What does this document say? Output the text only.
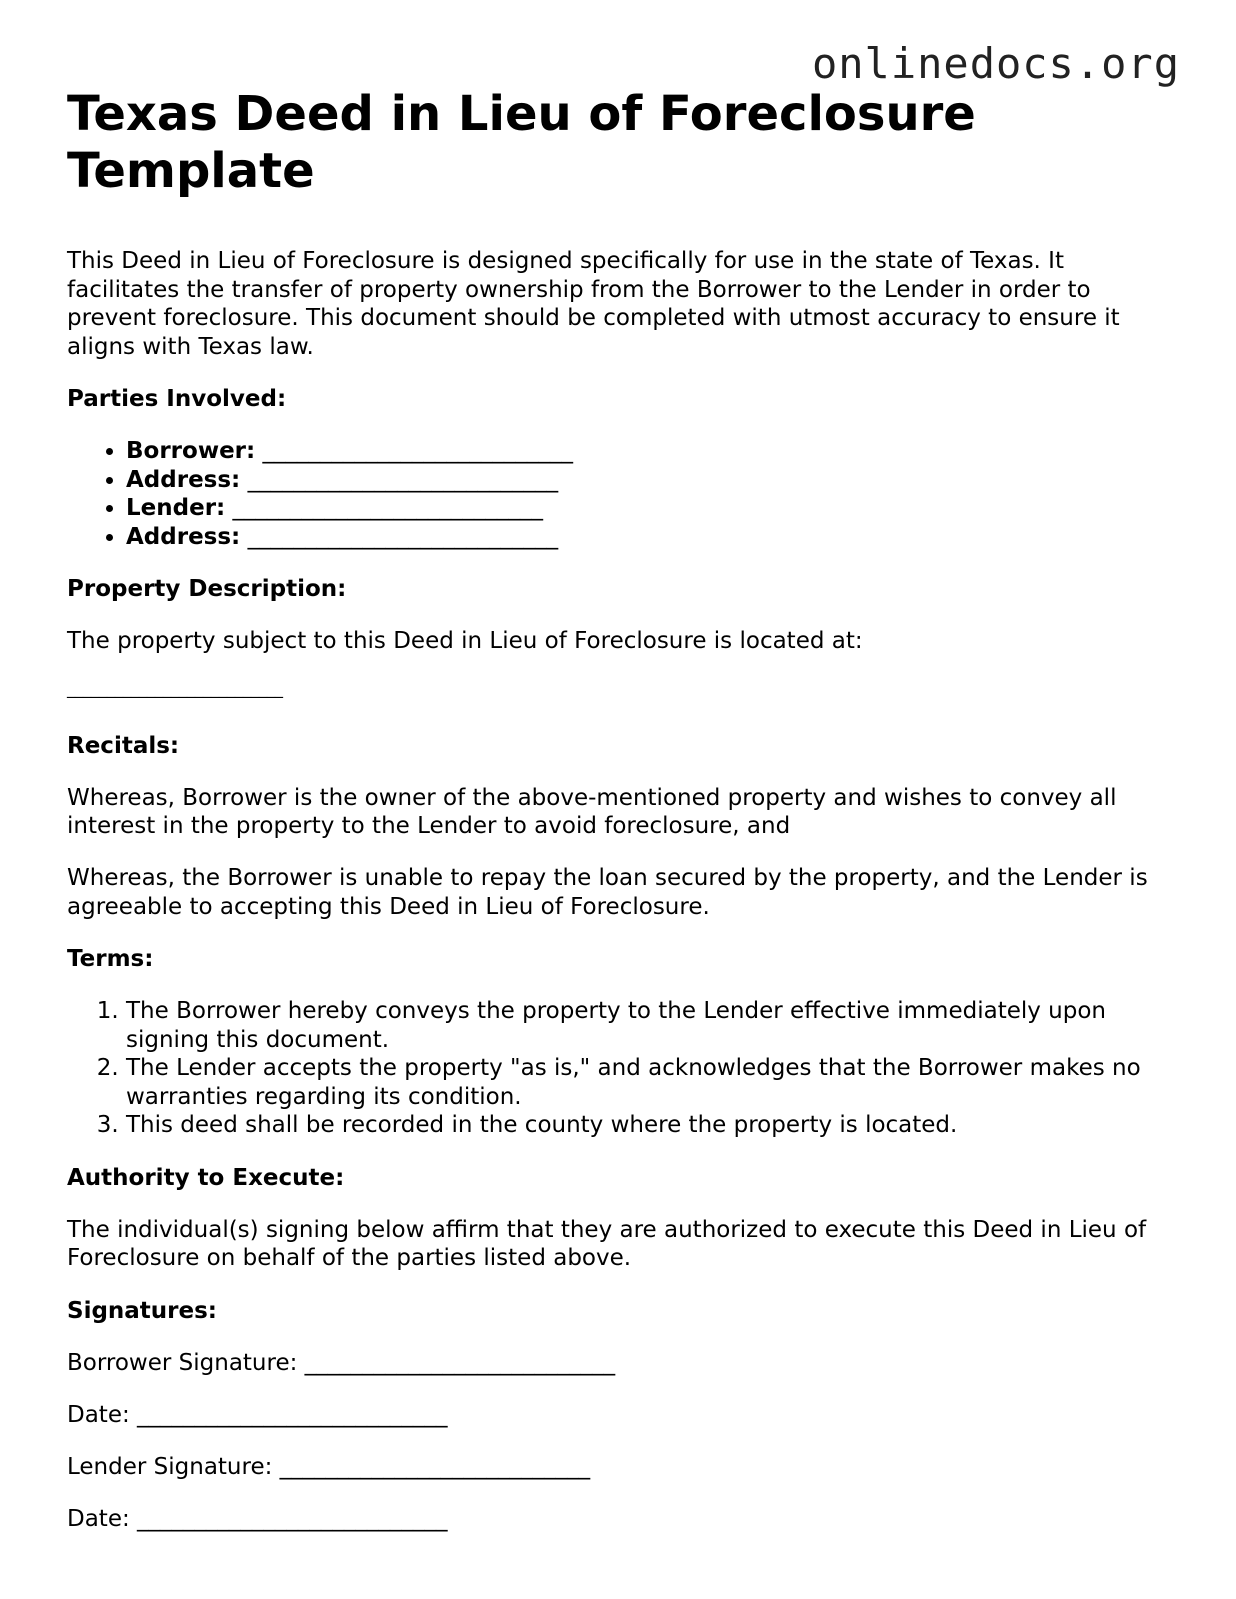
onlinedocs.org
Texas Deed in Lieu of Foreclosure Template

This Deed in Lieu of Foreclosure is designed specifically for use in the state of Texas. It facilitates the transfer of property ownership from the Borrower to the Lender in order to prevent foreclosure. This document should be completed with utmost accuracy to ensure it aligns with Texas law.

Parties Involved:
• Borrower: ___________________________
• Address: ___________________________
• Lender: ___________________________
• Address: ___________________________
Property Description:

The property subject to this Deed in Lieu of Foreclosure is located at:

___________________________
Recitals:

Whereas, Borrower is the owner of the above-mentioned property and wishes to convey all interest in the property to the Lender to avoid foreclosure, and

Whereas, the Borrower is unable to repay the loan secured by the property, and the Lender is agreeable to accepting this Deed in Lieu of Foreclosure.

Terms:
1. The Borrower hereby conveys the property to the Lender effective immediately upon signing this document.
2. The Lender accepts the property "as is," and acknowledges that the Borrower makes no warranties regarding its condition.
3. This deed shall be recorded in the county where the property is located.
Authority to Execute:

The individual(s) signing below affirm that they are authorized to execute this Deed in Lieu of Foreclosure on behalf of the parties listed above.

Signatures:

Borrower Signature: ___________________________

Date: ___________________________

Lender Signature: ___________________________

Date: ___________________________
